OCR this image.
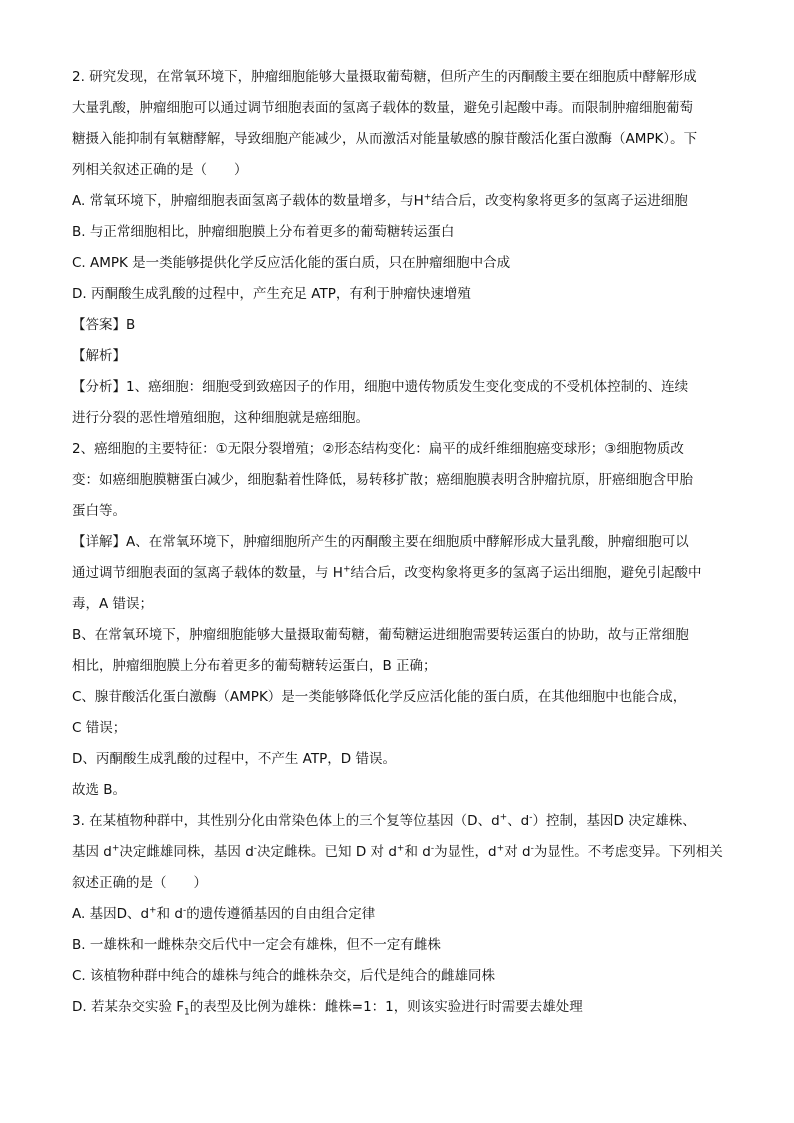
2. 研究发现，在常氧环境下，肿瘤细胞能够大量摄取葡萄糖，但所产生的丙酮酸主要在细胞质中酵解形成
大量乳酸，肿瘤细胞可以通过调节细胞表面的氢离子载体的数量，避免引起酸中毒。而限制肿瘤细胞葡萄
糖摄入能抑制有氧糖酵解，导致细胞产能减少，从而激活对能量敏感的腺苷酸活化蛋白激酶（AMPK）。下
列相关叙述正确的是（　　）
A. 常氧环境下，肿瘤细胞表面氢离子载体的数量增多，与H+结合后，改变构象将更多的氢离子运进细胞
B. 与正常细胞相比，肿瘤细胞膜上分布着更多的葡萄糖转运蛋白
C. AMPK 是一类能够提供化学反应活化能的蛋白质，只在肿瘤细胞中合成
D. 丙酮酸生成乳酸的过程中，产生充足 ATP，有利于肿瘤快速增殖
【答案】B
【解析】
【分析】1、癌细胞：细胞受到致癌因子的作用，细胞中遗传物质发生变化变成的不受机体控制的、连续
进行分裂的恶性增殖细胞，这种细胞就是癌细胞。
2、癌细胞的主要特征：①无限分裂增殖；②形态结构变化：扁平的成纤维细胞癌变球形；③细胞物质改
变：如癌细胞膜糖蛋白减少，细胞黏着性降低，易转移扩散；癌细胞膜表明含肿瘤抗原，肝癌细胞含甲胎
蛋白等。
【详解】A、在常氧环境下，肿瘤细胞所产生的丙酮酸主要在细胞质中酵解形成大量乳酸，肿瘤细胞可以
通过调节细胞表面的氢离子载体的数量，与 H+结合后，改变构象将更多的氢离子运出细胞，避免引起酸中
毒，A 错误；
B、在常氧环境下，肿瘤细胞能够大量摄取葡萄糖，葡萄糖运进细胞需要转运蛋白的协助，故与正常细胞
相比，肿瘤细胞膜上分布着更多的葡萄糖转运蛋白，B 正确；
C、腺苷酸活化蛋白激酶（AMPK）是一类能够降低化学反应活化能的蛋白质，在其他细胞中也能合成，
C 错误；
D、丙酮酸生成乳酸的过程中，不产生 ATP，D 错误。
故选 B。
3. 在某植物种群中，其性别分化由常染色体上的三个复等位基因（D、d+、d-）控制，基因D 决定雄株、
基因 d+决定雌雄同株，基因 d-决定雌株。已知 D 对 d+和 d-为显性，d+对 d-为显性。不考虑变异。下列相关
叙述正确的是（　　）
A. 基因D、d+和 d-的遗传遵循基因的自由组合定律
B. 一雄株和一雌株杂交后代中一定会有雄株，但不一定有雌株
C. 该植物种群中纯合的雄株与纯合的雌株杂交，后代是纯合的雌雄同株
D. 若某杂交实验 $F_1$的表型及比例为雄株：雌株=1：1，则该实验进行时需要去雄处理
